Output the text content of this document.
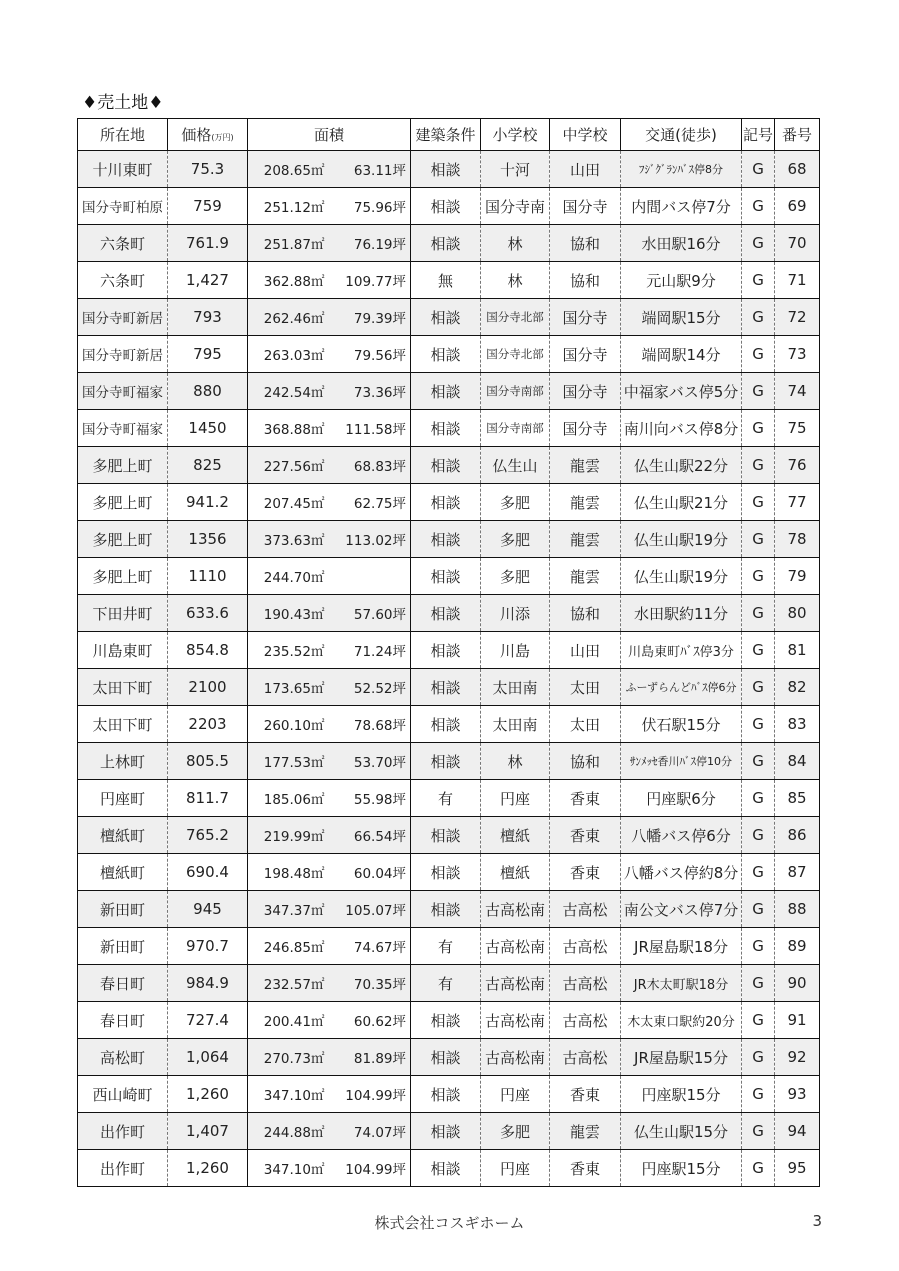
♦売土地♦
所在地	価格(万円)	面積		建築条件	小学校	中学校	交通(徒歩)	記号	番号
十川東町	75.3	208.65㎡	63.11坪	相談	十河	山田	ﾌｼﾞｸﾞﾗﾝﾊﾞｽ停8分	G	68
国分寺町柏原	759	251.12㎡	75.96坪	相談	国分寺南	国分寺	内間バス停7分	G	69
六条町	761.9	251.87㎡	76.19坪	相談	林	協和	水田駅16分	G	70
六条町	1,427	362.88㎡	109.77坪	無	林	協和	元山駅9分	G	71
国分寺町新居	793	262.46㎡	79.39坪	相談	国分寺北部	国分寺	端岡駅15分	G	72
国分寺町新居	795	263.03㎡	79.56坪	相談	国分寺北部	国分寺	端岡駅14分	G	73
国分寺町福家	880	242.54㎡	73.36坪	相談	国分寺南部	国分寺	中福家バス停5分	G	74
国分寺町福家	1450	368.88㎡	111.58坪	相談	国分寺南部	国分寺	南川向バス停8分	G	75
多肥上町	825	227.56㎡	68.83坪	相談	仏生山	龍雲	仏生山駅22分	G	76
多肥上町	941.2	207.45㎡	62.75坪	相談	多肥	龍雲	仏生山駅21分	G	77
多肥上町	1356	373.63㎡	113.02坪	相談	多肥	龍雲	仏生山駅19分	G	78
多肥上町	1110	244.70㎡		相談	多肥	龍雲	仏生山駅19分	G	79
下田井町	633.6	190.43㎡	57.60坪	相談	川添	協和	水田駅約11分	G	80
川島東町	854.8	235.52㎡	71.24坪	相談	川島	山田	川島東町ﾊﾞｽ停3分	G	81
太田下町	2100	173.65㎡	52.52坪	相談	太田南	太田	ふーずらんどﾊﾞｽ停6分	G	82
太田下町	2203	260.10㎡	78.68坪	相談	太田南	太田	伏石駅15分	G	83
上林町	805.5	177.53㎡	53.70坪	相談	林	協和	ｻﾝﾒｯｾ香川ﾊﾞｽ停10分	G	84
円座町	811.7	185.06㎡	55.98坪	有	円座	香東	円座駅6分	G	85
檀紙町	765.2	219.99㎡	66.54坪	相談	檀紙	香東	八幡バス停6分	G	86
檀紙町	690.4	198.48㎡	60.04坪	相談	檀紙	香東	八幡バス停約8分	G	87
新田町	945	347.37㎡	105.07坪	相談	古高松南	古高松	南公文バス停7分	G	88
新田町	970.7	246.85㎡	74.67坪	有	古高松南	古高松	JR屋島駅18分	G	89
春日町	984.9	232.57㎡	70.35坪	有	古高松南	古高松	JR木太町駅18分	G	90
春日町	727.4	200.41㎡	60.62坪	相談	古高松南	古高松	木太東口駅約20分	G	91
高松町	1,064	270.73㎡	81.89坪	相談	古高松南	古高松	JR屋島駅15分	G	92
西山崎町	1,260	347.10㎡	104.99坪	相談	円座	香東	円座駅15分	G	93
出作町	1,407	244.88㎡	74.07坪	相談	多肥	龍雲	仏生山駅15分	G	94
出作町	1,260	347.10㎡	104.99坪	相談	円座	香東	円座駅15分	G	95
株式会社コスギホーム	3
